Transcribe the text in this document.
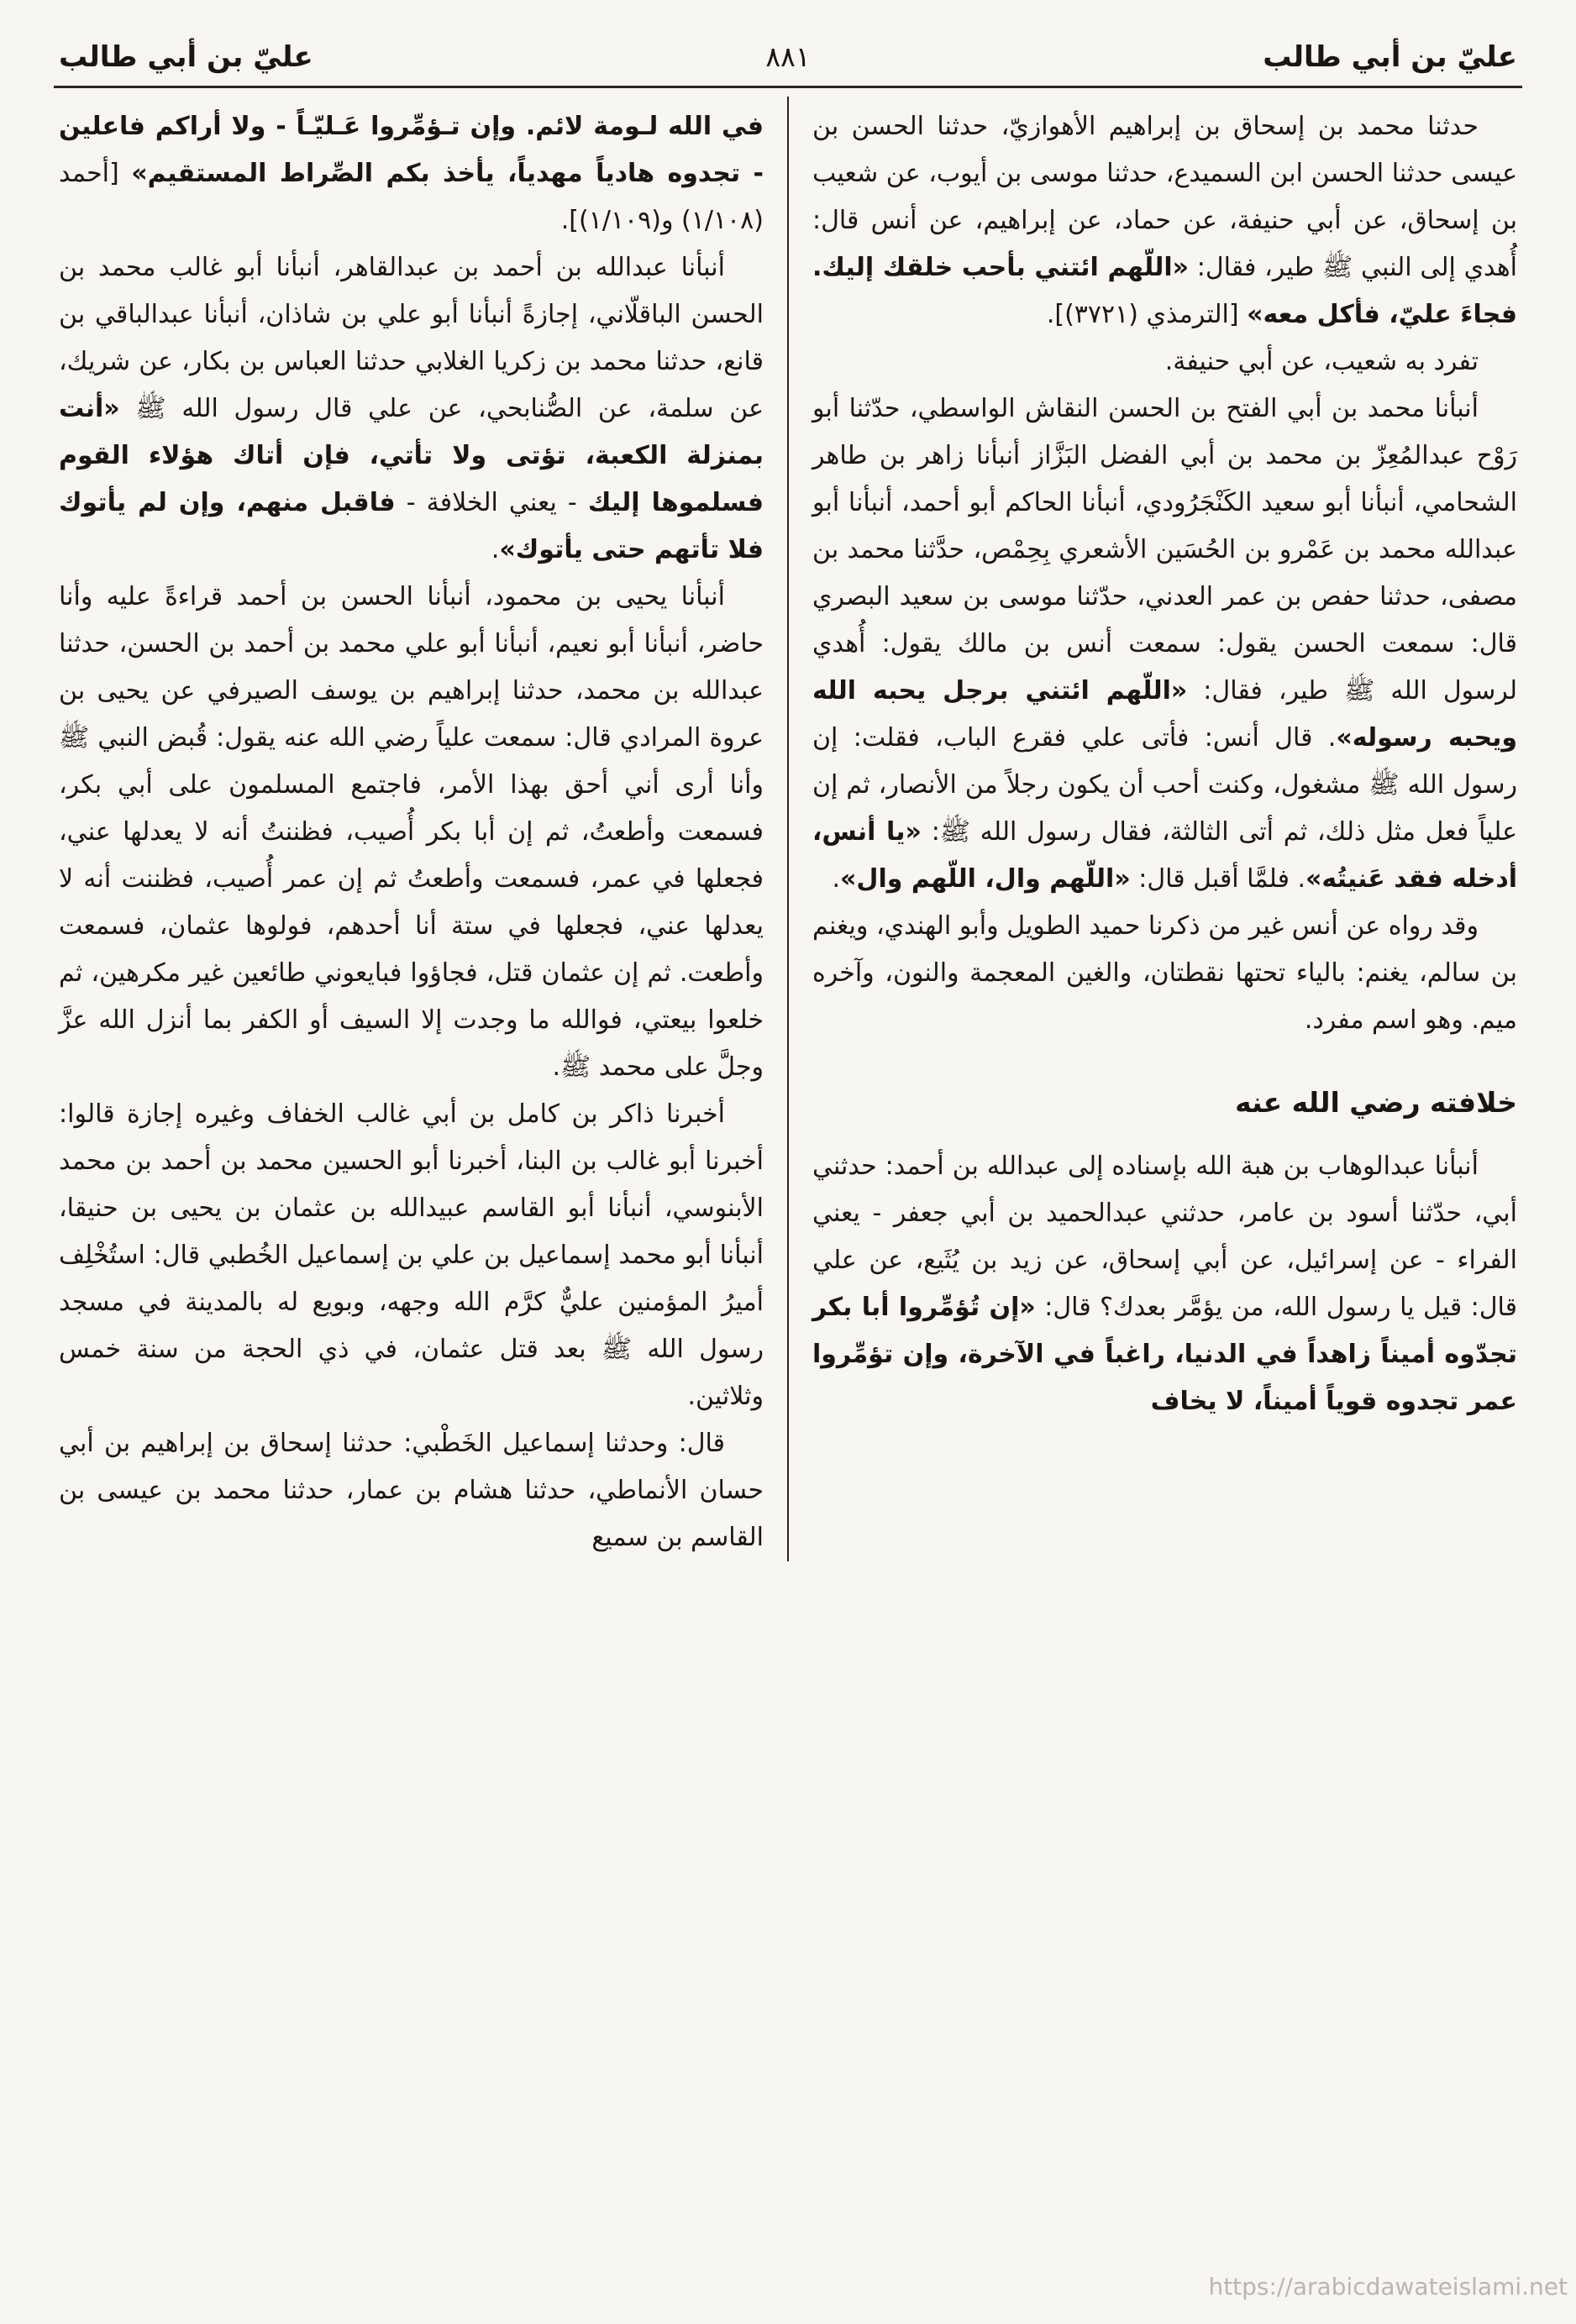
عليّ بن أبي طالب
٨٨١
عليّ بن أبي طالب

حدثنا محمد بن إسحاق بن إبراهيم الأهوازيّ، حدثنا الحسن بن عيسى حدثنا الحسن ابن السميدع، حدثنا موسى بن أيوب، عن شعيب بن إسحاق، عن أبي حنيفة، عن حماد، عن إبراهيم، عن أنس قال: أُهدي إلى النبي ﷺ طير، فقال: «اللّهم ائتني بأحب خلقك إليك. فجاءَ عليّ، فأكل معه» [الترمذي (٣٧٢١)].

تفرد به شعيب، عن أبي حنيفة.

أنبأنا محمد بن أبي الفتح بن الحسن النقاش الواسطي، حدّثنا أبو رَوْح عبدالمُعِزّ بن محمد بن أبي الفضل البَزَّاز أنبأنا زاهر بن طاهر الشحامي، أنبأنا أبو سعيد الكَنْجَرُودي، أنبأنا الحاكم أبو أحمد، أنبأنا أبو عبدالله محمد بن عَمْرو بن الحُسَين الأشعري بِحِمْص، حدَّثنا محمد بن مصفى، حدثنا حفص بن عمر العدني، حدّثنا موسى بن سعيد البصري قال: سمعت الحسن يقول: سمعت أنس بن مالك يقول: أُهدي لرسول الله ﷺ طير، فقال: «اللّهم ائتني برجل يحبه الله ويحبه رسوله». قال أنس: فأتى علي فقرع الباب، فقلت: إن رسول الله ﷺ مشغول، وكنت أحب أن يكون رجلاً من الأنصار، ثم إن علياً فعل مثل ذلك، ثم أتى الثالثة، فقال رسول الله ﷺ: «يا أنس، أدخله فقد عَنيتُه». فلمَّا أقبل قال: «اللّهم وال، اللّهم وال».

وقد رواه عن أنس غير من ذكرنا حميد الطويل وأبو الهندي، ويغنم بن سالم، يغنم: بالياء تحتها نقطتان، والغين المعجمة والنون، وآخره ميم. وهو اسم مفرد.

خلافته رضي الله عنه

أنبأنا عبدالوهاب بن هبة الله بإسناده إلى عبدالله بن أحمد: حدثني أبي، حدّثنا أسود بن عامر، حدثني عبدالحميد بن أبي جعفر - يعني الفراء - عن إسرائيل، عن أبي إسحاق، عن زيد بن يُثَيع، عن علي قال: قيل يا رسول الله، من يؤمَّر بعدك؟ قال: «إن تُؤمِّروا أبا بكر تجدّوه أميناً زاهداً في الدنيا، راغباً في الآخرة، وإن تؤمِّروا عمر تجدوه قوياً أميناً، لا يخاف

في الله لـومة لائم. وإن تـؤمِّروا عَـليّـاً - ولا أراكم فاعلين - تجدوه هادياً مهدياً، يأخذ بكم الصِّراط المستقيم» [أحمد (١/١٠٨) و(١/١٠٩)].

أنبأنا عبدالله بن أحمد بن عبدالقاهر، أنبأنا أبو غالب محمد بن الحسن الباقلّاني، إجازةً أنبأنا أبو علي بن شاذان، أنبأنا عبدالباقي بن قانع، حدثنا محمد بن زكريا الغلابي حدثنا العباس بن بكار، عن شريك، عن سلمة، عن الصُّنابحي، عن علي قال رسول الله ﷺ «أنت بمنزلة الكعبة، تؤتى ولا تأتي، فإن أتاك هؤلاء القوم فسلموها إليك - يعني الخلافة - فاقبل منهم، وإن لم يأتوك فلا تأتهم حتى يأتوك».

أنبأنا يحيى بن محمود، أنبأنا الحسن بن أحمد قراءةً عليه وأنا حاضر، أنبأنا أبو نعيم، أنبأنا أبو علي محمد بن أحمد بن الحسن، حدثنا عبدالله بن محمد، حدثنا إبراهيم بن يوسف الصيرفي عن يحيى بن عروة المرادي قال: سمعت علياً رضي الله عنه يقول: قُبض النبي ﷺ وأنا أرى أني أحق بهذا الأمر، فاجتمع المسلمون على أبي بكر، فسمعت وأطعتُ، ثم إن أبا بكر أُصيب، فظننتُ أنه لا يعدلها عني، فجعلها في عمر، فسمعت وأطعتُ ثم إن عمر أُصيب، فظننت أنه لا يعدلها عني، فجعلها في ستة أنا أحدهم، فولوها عثمان، فسمعت وأطعت. ثم إن عثمان قتل، فجاؤوا فبايعوني طائعين غير مكرهين، ثم خلعوا بيعتي، فوالله ما وجدت إلا السيف أو الكفر بما أنزل الله عزَّ وجلَّ على محمد ﷺ.

أخبرنا ذاكر بن كامل بن أبي غالب الخفاف وغيره إجازة قالوا: أخبرنا أبو غالب بن البنا، أخبرنا أبو الحسين محمد بن أحمد بن محمد الأبنوسي، أنبأنا أبو القاسم عبيدالله بن عثمان بن يحيى بن حنيقا، أنبأنا أبو محمد إسماعيل بن علي بن إسماعيل الخُطبي قال: استُخْلِف أميرُ المؤمنين عليٌّ كرَّم الله وجهه، وبويع له بالمدينة في مسجد رسول الله ﷺ بعد قتل عثمان، في ذي الحجة من سنة خمس وثلاثين.

قال: وحدثنا إسماعيل الخَطْبي: حدثنا إسحاق بن إبراهيم بن أبي حسان الأنماطي، حدثنا هشام بن عمار، حدثنا محمد بن عيسى بن القاسم بن سميع

https://arabicdawateislami.net
